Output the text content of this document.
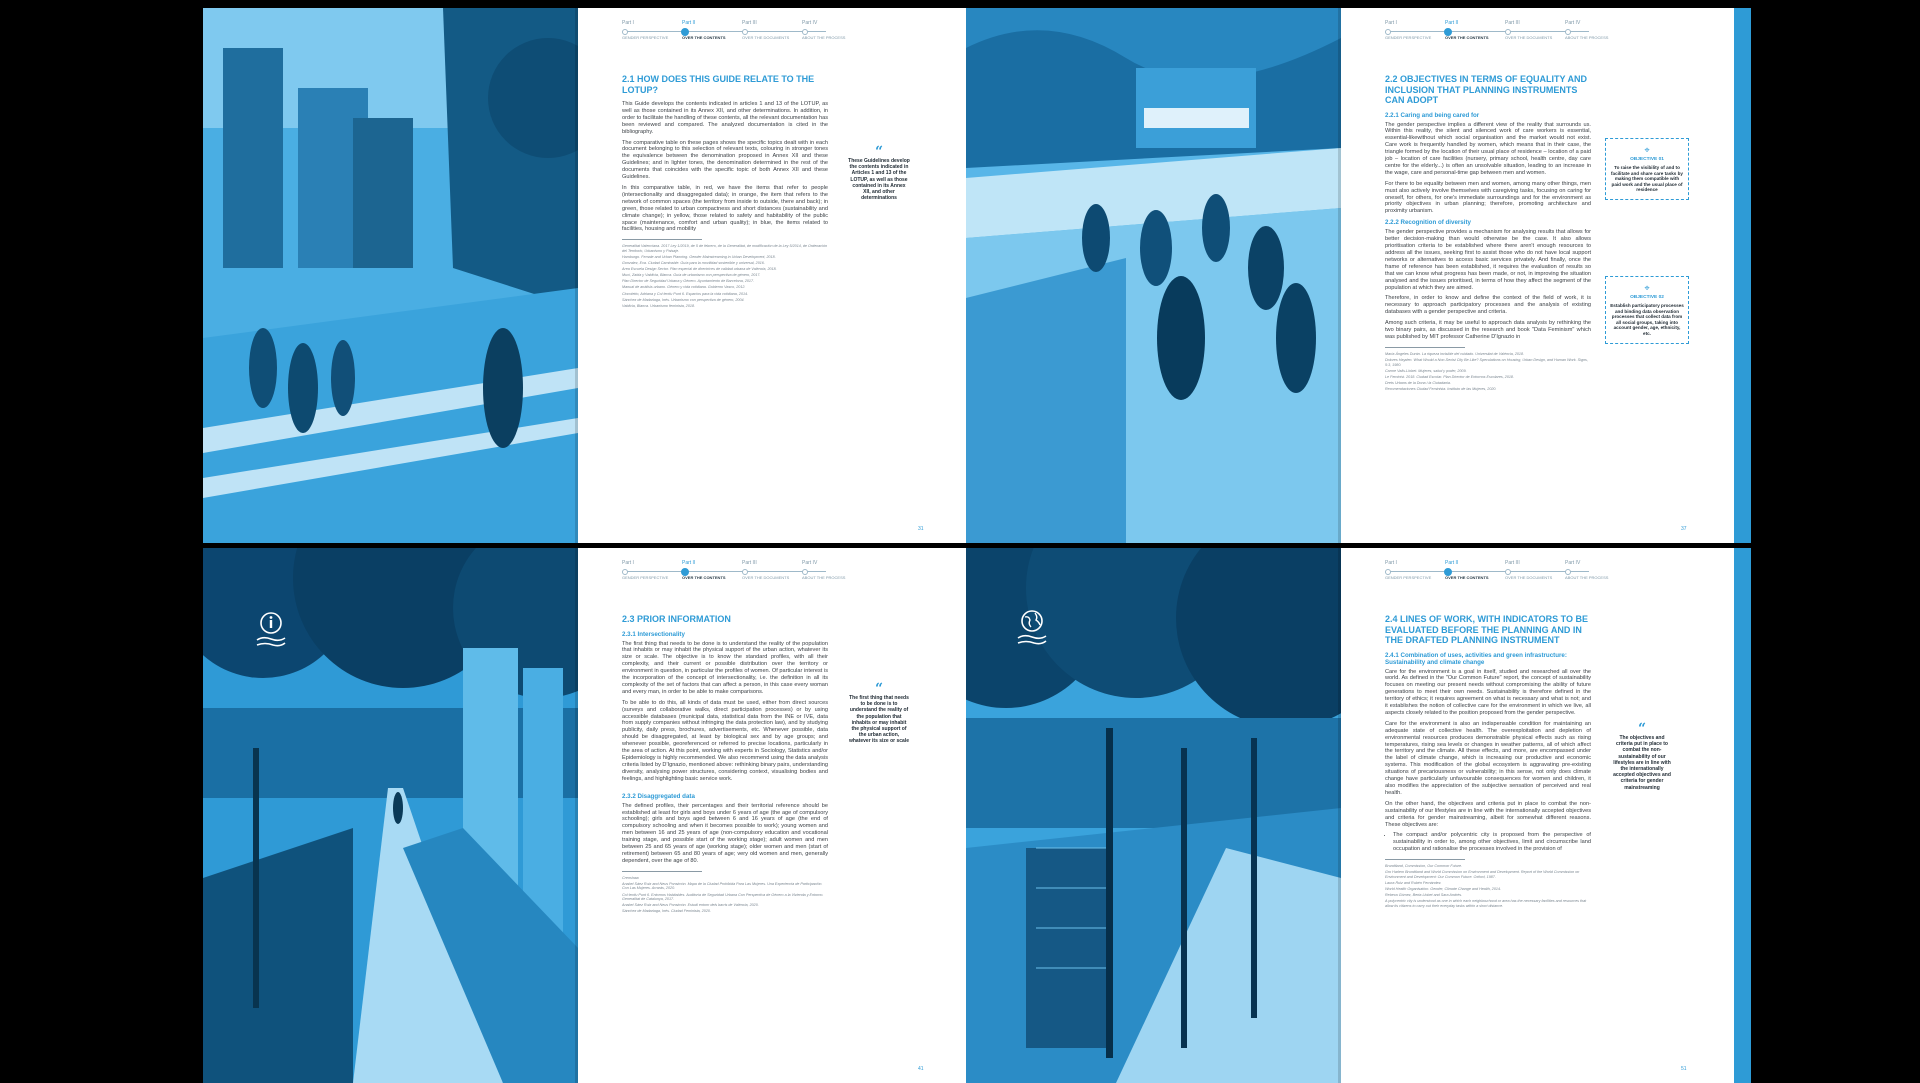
Part I
GENDER PERSPECTIVE
Part II
OVER THE CONTENTS
Part III
OVER THE DOCUMENTS
Part IV
ABOUT THE PROCESS
2.1 HOW DOES THIS GUIDE RELATE TO THE LOTUP?

This Guide develops the contents indicated in articles 1 and 13 of the LOTUP, as well as those contained in its Annex XII, and other determinations. In addition, in order to facilitate the handling of these contents, all the relevant documentation has been reviewed and compared. The analyzed documentation is cited in the bibliography.

The comparative table on these pages shows the specific topics dealt with in each document belonging to this selection of relevant texts, colouring in stronger tones the equivalence between the denomination proposed in Annex XII and these Guidelines; and in lighter tones, the denomination determined in the rest of the documents that coincides with the specific topic of both Annex XII and these Guidelines.

In this comparative table, in red, we have the items that refer to people (intersectionality and disaggregated data); in orange, the item that refers to the network of common spaces (the territory from inside to outside, there and back); in green, those related to urban compactness and short distances (sustainability and climate change); in yellow, those related to safety and habitability of the public space (maintenance, comfort and urban quality); in blue, the items related to facilities, housing and mobility

Generalitat Valenciana. 2017 Ley 1/2019, de 5 de febrero, de la Generalitat, de modificación de la Ley 5/2014, de Ordenación del Territorio, Urbanismo y Paisaje.
Hamburgo. Female and Urban Planning. Gender Mainstreaming in Urban Development, 2018.
Gonzalez, Eva. Ciudad Caminable. Guía para la movilidad sostenible y universal, 2016.
Area Escuela Design Sector. Plan especial de directrices de calidad urbana de València, 2018.
Muxí, Zaida y Valdivia, Blanca. Guía de urbanismo con perspectiva de género, 2017.
Plan Director de Seguridad Urbana y Género. Ayuntamiento de Barcelona, 2017.
Manual de análisis urbano. Género y vida cotidiana. Gobierno Vasco, 2012.
Ciocoletto, Adriana y Col·lectiu Punt 6. Espacios para la vida cotidiana, 2014.
Sánchez de Madariaga, Inés. Urbanismo con perspectiva de género, 2004.
Valdivia, Blanca. Urbanismo feminista, 2018.
“
These Guidelines develop the contents indicated in Articles 1 and 13 of the LOTUP, as well as those contained in its Annex XII, and other determinations
31
Part I
GENDER PERSPECTIVE
Part II
OVER THE CONTENTS
Part III
OVER THE DOCUMENTS
Part IV
ABOUT THE PROCESS
2.2 OBJECTIVES IN TERMS OF EQUALITY AND INCLUSION THAT PLANNING INSTRUMENTS CAN ADOPT
2.2.1 Caring and being cared for

The gender perspective implies a different view of the reality that surrounds us. Within this reality, the silent and silenced work of care workers is essential, essential-likewithout which social organisation and the market would not exist. Care work is frequently handled by women, which means that in their case, the triangle formed by the location of their usual place of residence – location of a paid job – location of care facilities (nursery, primary school, health centre, day care centre for the elderly...) is often an unsolvable situation, leading to an increase in the wage, care and personal-time gap between men and women.

For there to be equality between men and women, among many other things, men must also actively involve themselves with caregiving tasks, focusing on caring for oneself, for others, for one's immediate surroundings and for the environment as priority objectives in urban planning; therefore, promoting architecture and proximity urbanism.

2.2.2 Recognition of diversity

The gender perspective provides a mechanism for analysing results that allows for better decision-making than would otherwise be the case. It also allows prioritisation criteria to be established where there aren't enough resources to address all the issues, seeking first to assist those who do not have local support networks or alternatives to access basic services privately. And finally, once the frame of reference has been established, it requires the evaluation of results so that we can know what progress has been made, or not, in improving the situation analysed and the issues prioritised, in terms of how they affect the segment of the population at which they are aimed.

Therefore, in order to know and define the context of the field of work, it is necessary to approach participatory processes and the analysis of existing databases with a gender perspective and criteria.

Among such criteria, it may be useful to approach data analysis by rethinking the two binary pairs, as discussed in the research and book "Data Feminism" which was published by MIT professor Catherine D'Ignazio in

María Ángeles Durán. La riqueza invisible del cuidado. Universitat de València, 2018.
Dolores Hayden. What Would a Non-Sexist City Be Like? Speculations on Housing, Urban Design, and Human Work. Signs, 5:3, 1980.
Carme Valls-Llobet. Mujeres, salud y poder, 2009.
Le Feminist. 2018. Ciudad Escolar. Plan Director de Entornos Escolares, 2018.
Drets Urbans de la Dona i la Ciutadania.
Recomendaciones Ciudad Feminista. Instituto de las Mujeres, 2020.
⌖
OBJECTIVE 01
To raise the visibility of and to facilitate and share care tasks by making them compatible with paid work and the usual place of residence
⌖
OBJECTIVE 02
Establish participatory processes and binding data observation processes that collect data from all social groups, taking into account gender, age, ethnicity, etc.
37
Part I
GENDER PERSPECTIVE
Part II
OVER THE CONTENTS
Part III
OVER THE DOCUMENTS
Part IV
ABOUT THE PROCESS
2.3 PRIOR INFORMATION
2.3.1 Intersectionality

The first thing that needs to be done is to understand the reality of the population that inhabits or may inhabit the physical support of the urban action, whatever its size or scale. The objective is to know the standard profiles, with all their complexity, and their current or possible distribution over the territory or environment in question, in particular the profiles of women. Of particular interest is the incorporation of the concept of intersectionality, i.e. the definition in all its complexity of the set of factors that can affect a person, in this case every woman and every man, in order to be able to make comparisons.

To be able to do this, all kinds of data must be used, either from direct sources (surveys and collaborative walks, direct participation processes) or by using accessible databases (municipal data, statistical data from the INE or IVE, data from supply companies without infringing the data protection law), and by studying publicity, daily press, brochures, advertisements, etc. Whenever possible, data should be disaggregated, at least by biological sex and by age groups; and whenever possible, georeferenced or referred to precise locations, particularly in the area of action. At this point, working with experts in Sociology, Statistics and/or Epidemiology is highly recommended. We also recommend using the data analysis criteria listed by D'Ignazio, mentioned above: rethinking binary pairs, understanding diversity, analysing power structures, considering context, visualising bodies and feelings, and highlighting basic service work.

2.3.2 Disaggregated data

The defined profiles, their percentages and their territorial reference should be established at least for girls and boys under 6 years of age (the age of compulsory schooling); girls and boys aged between 6 and 16 years of age (the end of compulsory schooling and when it becomes possible to work); young women and men between 16 and 25 years of age (non-compulsory education and vocational training stage, and possible start of the working stage); adult women and men between 25 and 65 years of age (working stage); older women and men (start of retirement) between 65 and 80 years of age; very old women and men, generally dependent, over the age of 80.

Crenshaw.
Anabel Sáez Ruiz and Neus Ponsimón. Mapa de la Ciudad Prohibida Para Las Mujeres. Una Experiencia de Participación. Con Las Mujeres. Arrarás, 2020.
Col·lectiu Punt 6. Entornos Habitables. Auditoría de Seguridad Urbana Con Perspectiva de Género a la Vivienda y Entorno. Generalitat de Catalunya, 2017.
Anabel Sáez Ruiz and Neus Ponsimón. Estudi entorn dels barris de València, 2020.
Sánchez de Madariaga, Inés. Ciudad Feminista, 2020.
“
The first thing that needs to be done is to understand the reality of the population that inhabits or may inhabit the physical support of the urban action, whatever its size or scale
41
Part I
GENDER PERSPECTIVE
Part II
OVER THE CONTENTS
Part III
OVER THE DOCUMENTS
Part IV
ABOUT THE PROCESS
2.4 LINES OF WORK, WITH INDICATORS TO BE EVALUATED BEFORE THE PLANNING AND IN THE DRAFTED PLANNING INSTRUMENT
2.4.1 Combination of uses, activities and green infrastructure: Sustainability and climate change

Care for the environment is a goal in itself, studied and researched all over the world. As defined in the "Our Common Future" report, the concept of sustainability focuses on meeting our present needs without compromising the ability of future generations to meet their own needs. Sustainability is therefore defined in the territory of ethics; it requires agreement on what is necessary and what is not; and it establishes the notion of collective care for the environment in which we live, all aspects closely related to the position proposed from the gender perspective.

Care for the environment is also an indispensable condition for maintaining an adequate state of collective health. The overexploitation and depletion of environmental resources produces demonstrable physical effects such as rising temperatures, rising sea levels or changes in weather patterns, all of which affect the territory and the climate. All these effects, and more, are encompassed under the label of climate change, which is increasing our productive and economic systems. This modification of the global ecosystem is aggravating pre-existing situations of precariousness or vulnerability; in this sense, not only does climate change have particularly unfavourable consequences for women and children, it also modifies the appreciation of the subjective sensation of perceived and real health.

On the other hand, the objectives and criteria put in place to combat the non-sustainability of our lifestyles are in line with the internationally accepted objectives and criteria for gender mainstreaming, albeit for somewhat different reasons. These objectives are:

• The compact and/or polycentric city is proposed from the perspective of sustainability in order to, among other objectives, limit and circumscribe land occupation and rationalise the processes involved in the provision of
Brundtland, Commission, Our Common Future.
Gro Harlem Brundtland and World Commission on Environment and Development. Report of the World Commission on Environment and Development: Our Common Future. Oxford, 1987.
Laura Ruiz and Rubén Fernández.
World Health Organisation. Gender, Climate Change and Health, 2014.
Rebeca Gómez, Berta Llobet and Sara Andrés.
A polycentric city is understood as one in which each neighbourhood or area has the necessary facilities and resources that allow its citizens to carry out their everyday tasks within a short distance.
“
The objectives and criteria put in place to combat the non-sustainability of our lifestyles are in line with the internationally accepted objectives and criteria for gender mainstreaming
51
